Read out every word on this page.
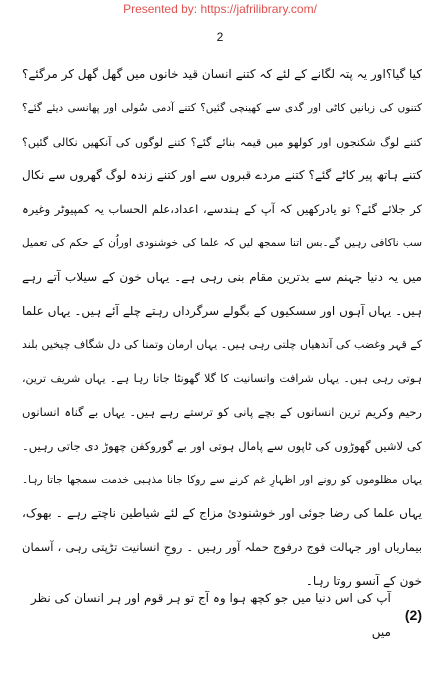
Presented by: https://jafrilibrary.com/
2
کیا گیا؟اور یہ پتہ لگانے کے لئے کہ کتنے انسان قید خانوں میں گھل گھل کر مرگئے؟
کتنوں کی زبانیں کاٹی اور گدی سے کھینچی گئیں؟ کتنے آدمی سُولی اور پھانسی دیئے گئے؟
کتنے لوگ شکنجوں اور کولھو میں قیمہ بنائے گئے؟ کتنے لوگوں کی آنکھیں نکالی گئیں؟
کتنے ہاتھ پیر کاٹے گئے؟ کتنے مردے قبروں سے اور کتنے زندہ لوگ گھروں سے نکال
کر جلائے گئے؟ تو یادرکھیں کہ آپ کے ہندسے، اعداد،علم الحساب یہ کمپیوٹر وغیرہ
سب ناکافی رہیں گے۔بس اتنا سمجھ لیں کہ علما کی خوشنودی اوراُن کے حکم کی تعمیل
میں یہ دنیا جہنم سے بدترین مقام بنی رہی ہے۔ یہاں خون کے سیلاب آتے رہے
ہیں۔ یہاں آہوں اور سسکیوں کے بگولے سرگرداں رہتے چلے آئے ہیں۔ یہاں علما
کے قہر وغضب کی آندھیاں چلتی رہی ہیں۔ یہاں ارمان وتمنا کی دل شگاف چیخیں بلند
ہوتی رہی ہیں۔ یہاں شرافت وانسانیت کا گلا گھونٹا جاتا رہا ہے۔ یہاں شریف ترین،
رحیم وکریم ترین انسانوں کے بچے پانی کو ترستے رہے ہیں۔ یہاں بے گناہ انسانوں
کی لاشیں گھوڑوں کی ٹاپوں سے پامال ہوتی اور بے گوروکفن چھوڑ دی جاتی رہیں۔
یہاں مظلوموں کو رونے اور اظہارِ غم کرنے سے روکا جانا مذہبی خدمت سمجھا جاتا رہا۔
یہاں علما کی رضا جوئی اور خوشنودیٔ مزاج کے لئے شیاطین ناچتے رہے ۔ بھوک،
بیماریاں اور جہالت فوج درفوج حملہ آور رہیں ۔ روحِ انسانیت تڑپتی رہی ، آسمان
خون کے آنسو روتا رہا۔
(2)
آپ کی اس دنیا میں جو کچھ ہوا وہ آج تو ہر قوم اور ہر انسان کی نظر میں
